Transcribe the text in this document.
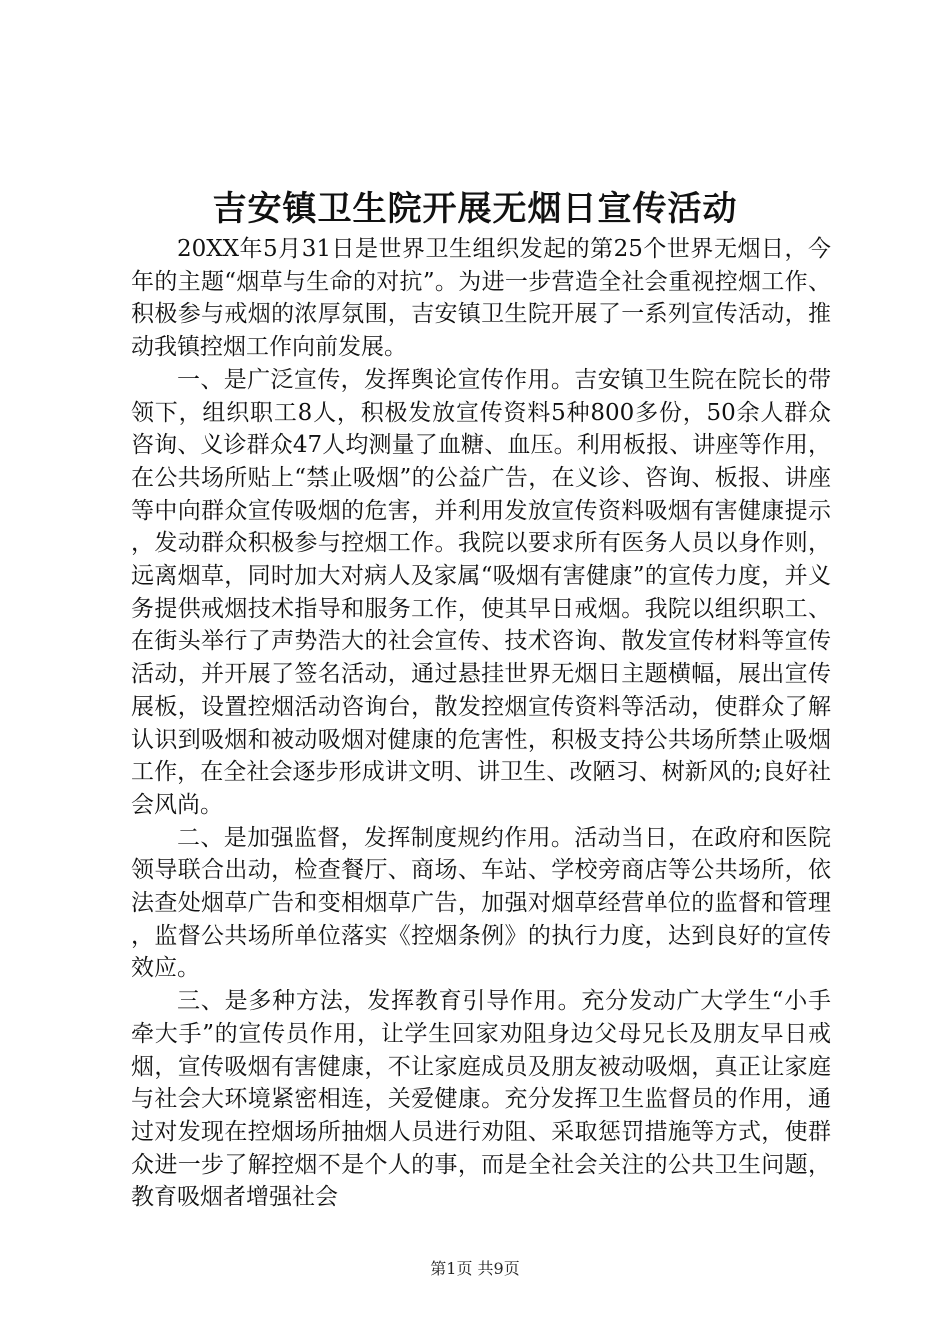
吉安镇卫生院开展无烟日宣传活动

20XX年5月31日是世界卫生组织发起的第25个世界无烟日，今年的主题“烟草与生命的对抗”。为进一步营造全社会重视控烟工作、积极参与戒烟的浓厚氛围，吉安镇卫生院开展了一系列宣传活动，推动我镇控烟工作向前发展。

一、是广泛宣传，发挥舆论宣传作用。吉安镇卫生院在院长的带领下，组织职工8人，积极发放宣传资料5种800多份，50余人群众咨询、义诊群众47人均测量了血糖、血压。利用板报、讲座等作用，在公共场所贴上“禁止吸烟”的公益广告，在义诊、咨询、板报、讲座等中向群众宣传吸烟的危害，并利用发放宣传资料吸烟有害健康提示，发动群众积极参与控烟工作。我院以要求所有医务人员以身作则，远离烟草，同时加大对病人及家属“吸烟有害健康”的宣传力度，并义务提供戒烟技术指导和服务工作，使其早日戒烟。我院以组织职工、在街头举行了声势浩大的社会宣传、技术咨询、散发宣传材料等宣传活动，并开展了签名活动，通过悬挂世界无烟日主题横幅，展出宣传展板，设置控烟活动咨询台，散发控烟宣传资料等活动，使群众了解认识到吸烟和被动吸烟对健康的危害性，积极支持公共场所禁止吸烟工作，在全社会逐步形成讲文明、讲卫生、改陋习、树新风的;良好社会风尚。

二、是加强监督，发挥制度规约作用。活动当日，在政府和医院领导联合出动，检查餐厅、商场、车站、学校旁商店等公共场所，依法查处烟草广告和变相烟草广告，加强对烟草经营单位的监督和管理，监督公共场所单位落实《控烟条例》的执行力度，达到良好的宣传效应。

三、是多种方法，发挥教育引导作用。充分发动广大学生“小手牵大手”的宣传员作用，让学生回家劝阻身边父母兄长及朋友早日戒烟，宣传吸烟有害健康，不让家庭成员及朋友被动吸烟，真正让家庭与社会大环境紧密相连，关爱健康。充分发挥卫生监督员的作用，通过对发现在控烟场所抽烟人员进行劝阻、采取惩罚措施等方式，使群众进一步了解控烟不是个人的事，而是全社会关注的公共卫生问题，教育吸烟者增强社会

第1页 共9页
